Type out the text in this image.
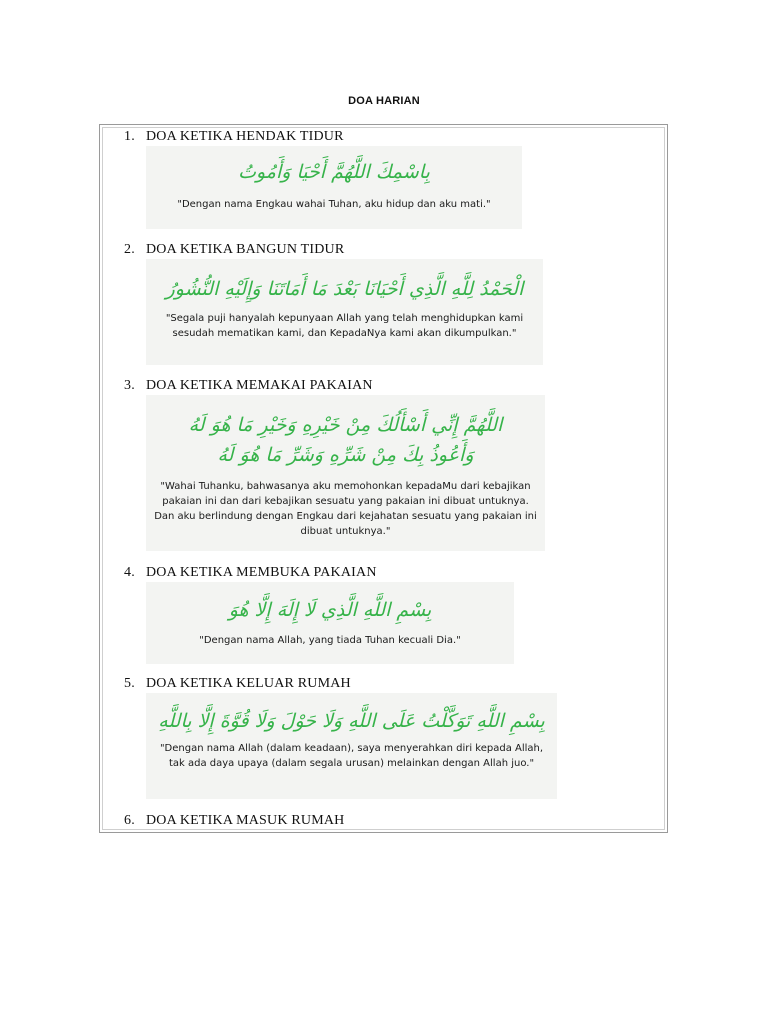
DOA HARIAN
1. DOA KETIKA HENDAK TIDUR
بِاسْمِكَ اللَّهُمَّ أَحْيَا وَأَمُوتُ
"Dengan nama Engkau wahai Tuhan, aku hidup dan aku mati."
2. DOA KETIKA BANGUN TIDUR
الْحَمْدُ لِلَّهِ الَّذِي أَحْيَانَا بَعْدَ مَا أَمَاتَنَا وَإِلَيْهِ النُّشُورُ
"Segala puji hanyalah kepunyaan Allah yang telah menghidupkan kami sesudah mematikan kami, dan KepadaNya kami akan dikumpulkan."
3. DOA KETIKA MEMAKAI PAKAIAN
اللَّهُمَّ إِنِّي أَسْأَلُكَ مِنْ خَيْرِهِ وَخَيْرِ مَا هُوَ لَهُ
وَأَعُوذُ بِكَ مِنْ شَرِّهِ وَشَرِّ مَا هُوَ لَهُ
"Wahai Tuhanku, bahwasanya aku memohonkan kepadaMu dari kebajikan pakaian ini dan dari kebajikan sesuatu yang pakaian ini dibuat untuknya. Dan aku berlindung dengan Engkau dari kejahatan sesuatu yang pakaian ini dibuat untuknya."
4. DOA KETIKA MEMBUKA PAKAIAN
بِسْمِ اللَّهِ الَّذِي لَا إِلَهَ إِلَّا هُوَ
"Dengan nama Allah, yang tiada Tuhan kecuali Dia."
5. DOA KETIKA KELUAR RUMAH
بِسْمِ اللَّهِ تَوَكَّلْتُ عَلَى اللَّهِ وَلَا حَوْلَ وَلَا قُوَّةَ إِلَّا بِاللَّهِ
"Dengan nama Allah (dalam keadaan), saya menyerahkan diri kepada Allah, tak ada daya upaya (dalam segala urusan) melainkan dengan Allah juo."
6. DOA KETIKA MASUK RUMAH
